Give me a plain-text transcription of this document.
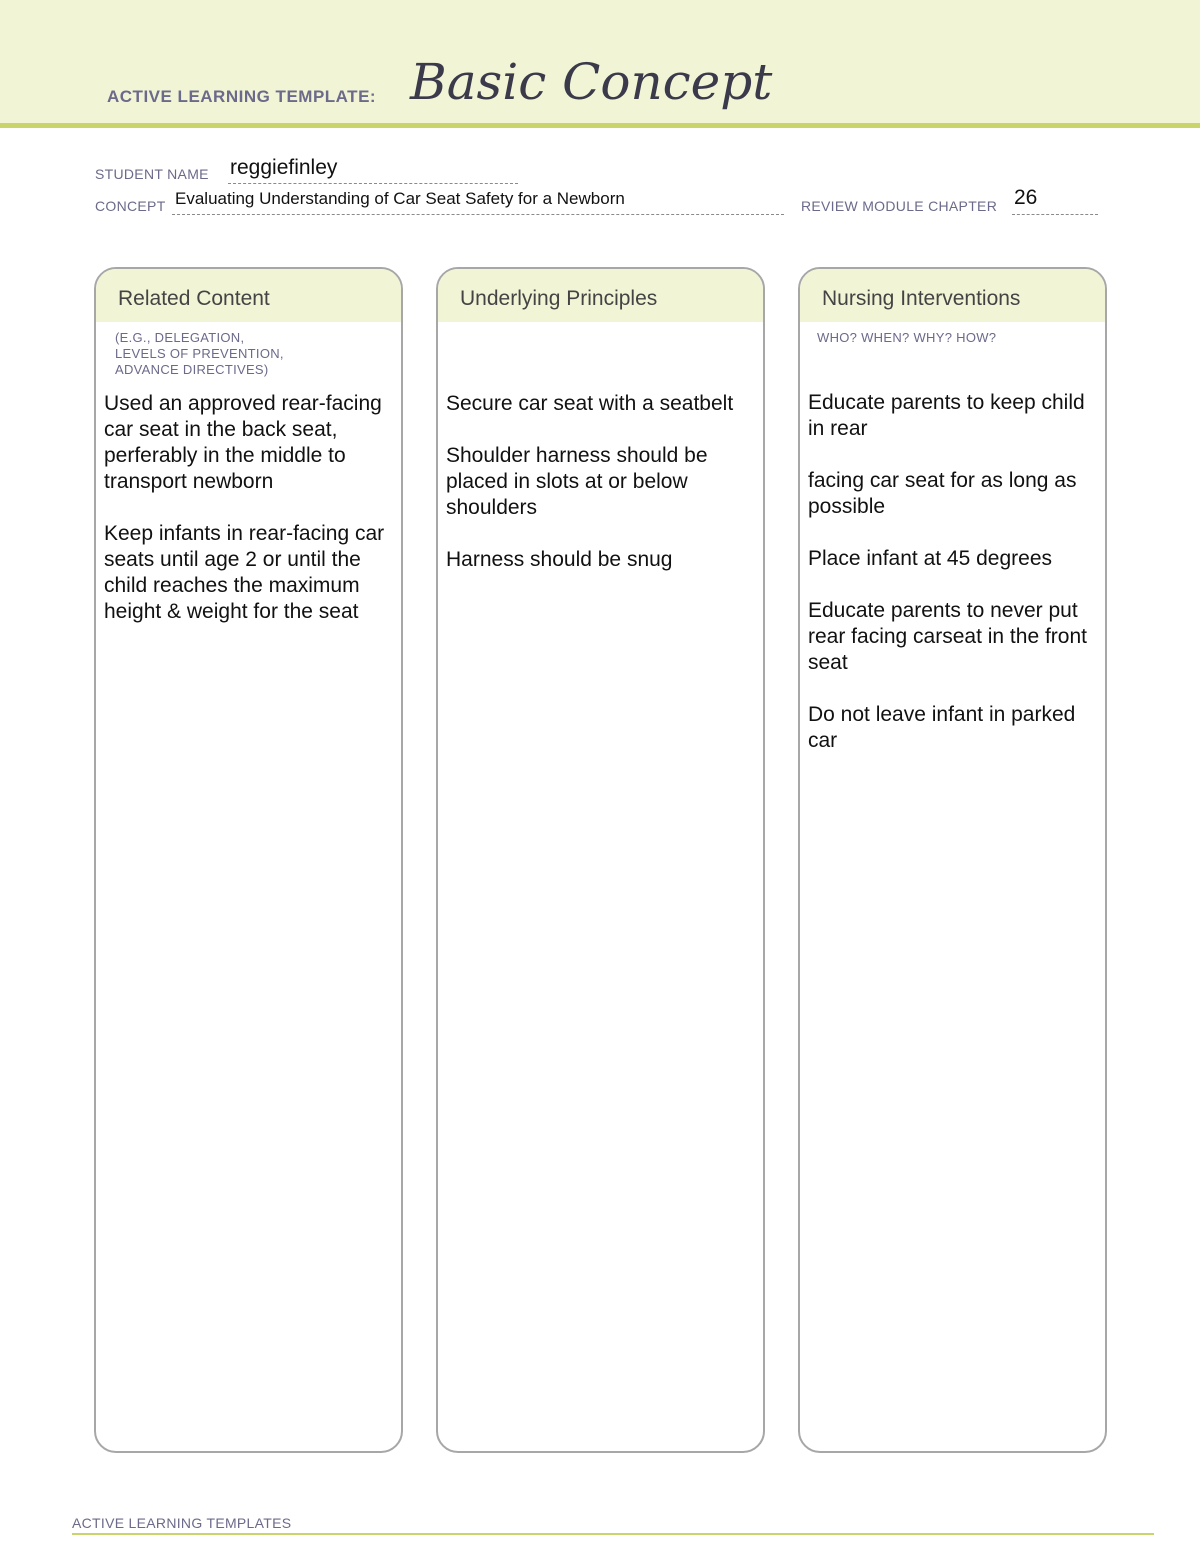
ACTIVE LEARNING TEMPLATE: Basic Concept
STUDENT NAME reggiefinley
CONCEPT Evaluating Understanding of Car Seat Safety for a Newborn	REVIEW MODULE CHAPTER 26
Related Content
(E.G., DELEGATION,
LEVELS OF PREVENTION,
ADVANCE DIRECTIVES)

Used an approved rear-facing car seat in the back seat, perferably in the middle to transport newborn

Keep infants in rear-facing car seats until age 2 or until the child reaches the maximum height & weight for the seat

Underlying Principles

Secure car seat with a seatbelt

Shoulder harness should be placed in slots at or below shoulders

Harness should be snug

Nursing Interventions
WHO? WHEN? WHY? HOW?

Educate parents to keep child in rear

facing car seat for as long as possible

Place infant at 45 degrees

Educate parents to never put rear facing carseat in the front seat

Do not leave infant in parked car

ACTIVE LEARNING TEMPLATES
